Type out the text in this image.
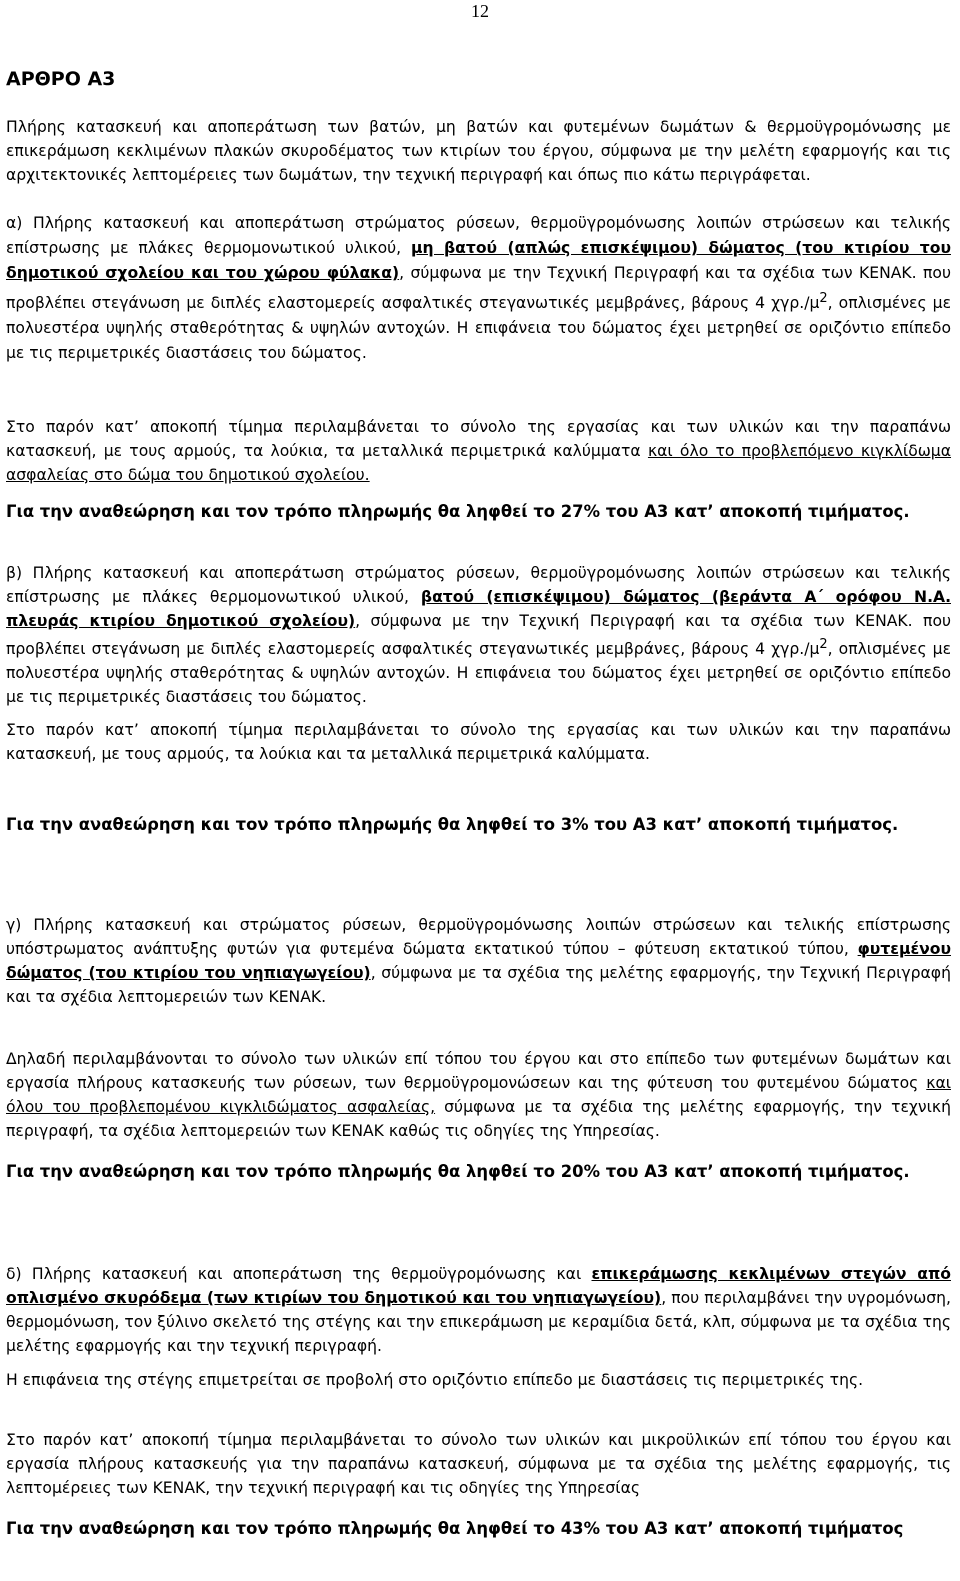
12
ΑΡΘΡΟ Α3

Πλήρης κατασκευή και αποπεράτωση των βατών, μη βατών και φυτεμένων δωμάτων & θερμοϋγρομόνωσης με επικεράμωση κεκλιμένων πλακών σκυροδέματος των κτιρίων του έργου, σύμφωνα με την μελέτη εφαρμογής και τις αρχιτεκτονικές λεπτομέρειες των δωμάτων, την τεχνική περιγραφή και όπως πιο κάτω περιγράφεται.

α) Πλήρης κατασκευή και αποπεράτωση στρώματος ρύσεων, θερμοϋγρομόνωσης λοιπών στρώσεων και τελικής επίστρωσης με πλάκες θερμομονωτικού υλικού, μη βατού (απλώς επισκέψιμου) δώματος (του κτιρίου του δημοτικού σχολείου και του χώρου φύλακα), σύμφωνα με την Τεχνική Περιγραφή και τα σχέδια των ΚΕΝΑΚ. που προβλέπει στεγάνωση με διπλές ελαστομερείς ασφαλτικές στεγανωτικές μεμβράνες, βάρους 4 $\chi\gamma\rho./\mu^2$, οπλισμένες με πολυεστέρα υψηλής σταθερότητας & υψηλών αντοχών. Η επιφάνεια του δώματος έχει μετρηθεί σε οριζόντιο επίπεδο με τις περιμετρικές διαστάσεις του δώματος.

Στο παρόν κατ’ αποκοπή τίμημα περιλαμβάνεται το σύνολο της εργασίας και των υλικών και την παραπάνω κατασκευή, με τους αρμούς, τα λούκια, τα μεταλλικά περιμετρικά καλύμματα και όλο το προβλεπόμενο κιγκλίδωμα ασφαλείας στο δώμα του δημοτικού σχολείου.

Για την αναθεώρηση και τον τρόπο πληρωμής θα ληφθεί το 27% του Α3 κατ’ αποκοπή τιμήματος.

β) Πλήρης κατασκευή και αποπεράτωση στρώματος ρύσεων, θερμοϋγρομόνωσης λοιπών στρώσεων και τελικής επίστρωσης με πλάκες θερμομονωτικού υλικού, βατού (επισκέψιμου) δώματος (βεράντα Α΄ ορόφου Ν.Α. πλευράς κτιρίου δημοτικού σχολείου), σύμφωνα με την Τεχνική Περιγραφή και τα σχέδια των ΚΕΝΑΚ. που προβλέπει στεγάνωση με διπλές ελαστομερείς ασφαλτικές στεγανωτικές μεμβράνες, βάρους 4 $\chi\gamma\rho./\mu^2$, οπλισμένες με πολυεστέρα υψηλής σταθερότητας & υψηλών αντοχών. Η επιφάνεια του δώματος έχει μετρηθεί σε οριζόντιο επίπεδο με τις περιμετρικές διαστάσεις του δώματος.

Στο παρόν κατ’ αποκοπή τίμημα περιλαμβάνεται το σύνολο της εργασίας και των υλικών και την παραπάνω κατασκευή, με τους αρμούς, τα λούκια και τα μεταλλικά περιμετρικά καλύμματα.

Για την αναθεώρηση και τον τρόπο πληρωμής θα ληφθεί το 3% του Α3 κατ’ αποκοπή τιμήματος.

γ) Πλήρης κατασκευή και στρώματος ρύσεων, θερμοϋγρομόνωσης λοιπών στρώσεων και τελικής επίστρωσης υπόστρωματος ανάπτυξης φυτών για φυτεμένα δώματα εκτατικού τύπου – φύτευση εκτατικού τύπου, φυτεμένου δώματος (του κτιρίου του νηπιαγωγείου), σύμφωνα με τα σχέδια της μελέτης εφαρμογής, την Τεχνική Περιγραφή και τα σχέδια λεπτομερειών των ΚΕΝΑΚ.

Δηλαδή περιλαμβάνονται το σύνολο των υλικών επί τόπου του έργου και στο επίπεδο των φυτεμένων δωμάτων και εργασία πλήρους κατασκευής των ρύσεων, των θερμοϋγρομονώσεων και της φύτευση του φυτεμένου δώματος και όλου του προβλεπομένου κιγκλιδώματος ασφαλείας, σύμφωνα με τα σχέδια της μελέτης εφαρμογής, την τεχνική περιγραφή, τα σχέδια λεπτομερειών των ΚΕΝΑΚ καθώς τις οδηγίες της Υπηρεσίας.

Για την αναθεώρηση και τον τρόπο πληρωμής θα ληφθεί το 20% του Α3 κατ’ αποκοπή τιμήματος.

δ) Πλήρης κατασκευή και αποπεράτωση της θερμοϋγρομόνωσης και επικεράμωσης κεκλιμένων στεγών από οπλισμένο σκυρόδεμα (των κτιρίων του δημοτικού και του νηπιαγωγείου), που περιλαμβάνει την υγρομόνωση, θερμομόνωση, τον ξύλινο σκελετό της στέγης και την επικεράμωση με κεραμίδια δετά, κλπ, σύμφωνα με τα σχέδια της μελέτης εφαρμογής και την τεχνική περιγραφή.

Η επιφάνεια της στέγης επιμετρείται σε προβολή στο οριζόντιο επίπεδο με διαστάσεις τις περιμετρικές της.

Στο παρόν κατ’ αποκοπή τίμημα περιλαμβάνεται το σύνολο των υλικών και μικροϋλικών επί τόπου του έργου και εργασία πλήρους κατασκευής για την παραπάνω κατασκευή, σύμφωνα με τα σχέδια της μελέτης εφαρμογής, τις λεπτομέρειες των ΚΕΝΑΚ, την τεχνική περιγραφή και τις οδηγίες της Υπηρεσίας

Για την αναθεώρηση και τον τρόπο πληρωμής θα ληφθεί το 43% του Α3 κατ’ αποκοπή τιμήματος
